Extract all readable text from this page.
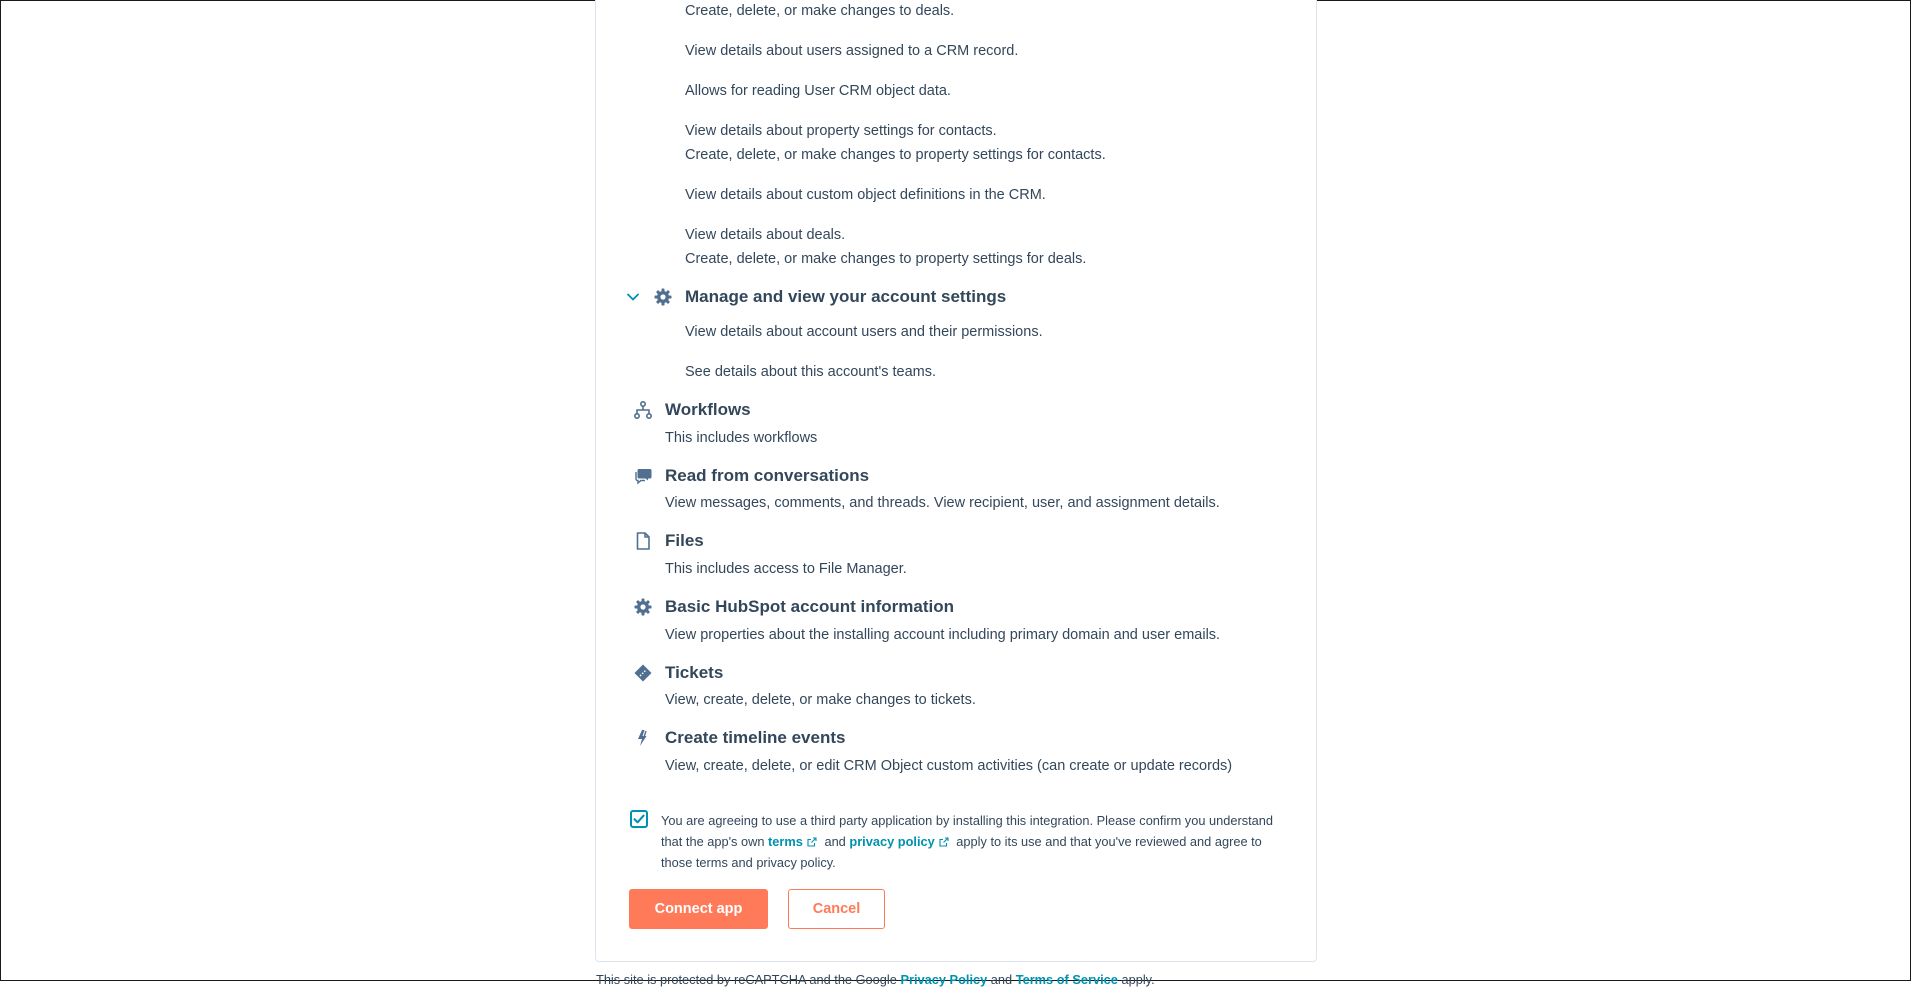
Create, delete, or make changes to deals.
View details about users assigned to a CRM record.
Allows for reading User CRM object data.
View details about property settings for contacts.
Create, delete, or make changes to property settings for contacts.
View details about custom object definitions in the CRM.
View details about deals.
Create, delete, or make changes to property settings for deals.
Manage and view your account settings
View details about account users and their permissions.
See details about this account's teams.
Workflows
This includes workflows
Read from conversations
View messages, comments, and threads. View recipient, user, and assignment details.
Files
This includes access to File Manager.
Basic HubSpot account information
View properties about the installing account including primary domain and user emails.
Tickets
View, create, delete, or make changes to tickets.
Create timeline events
View, create, delete, or edit CRM Object custom activities (can create or update records)
You are agreeing to use a third party application by installing this integration. Please confirm you understand
that the app's own terms and privacy policy apply to its use and that you've reviewed and agree to
those terms and privacy policy.
Connect app	Cancel
This site is protected by reCAPTCHA and the Google Privacy Policy and Terms of Service apply.
